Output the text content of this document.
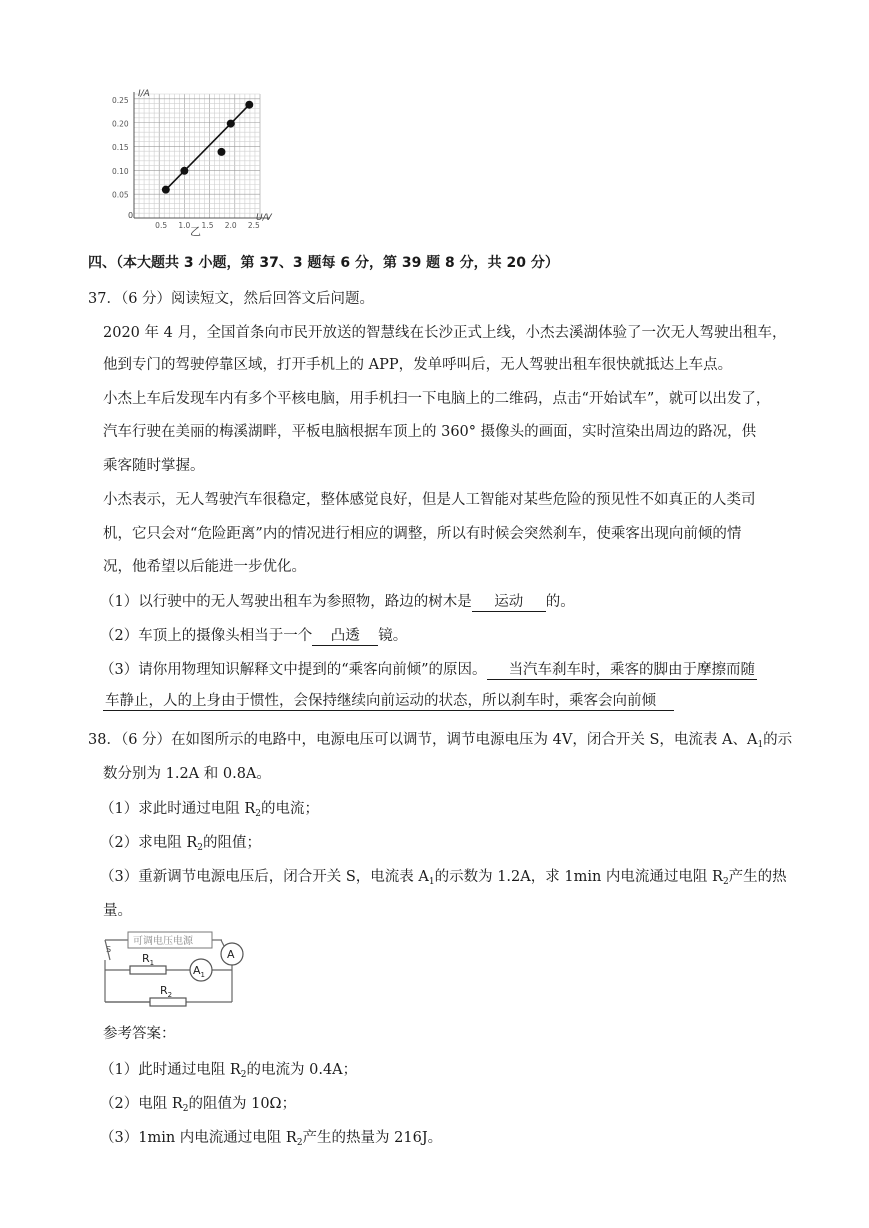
I/A
U/V
0
0.25
0.20
0.15
0.10
0.05
0.5 1.0 1.5 2.0 2.5
乙
四、（本大题共 3 小题，第 37、3 题每 6 分，第 39 题 8 分，共 20 分）
37．（6 分）阅读短文，然后回答文后问题。
2020 年 4 月，全国首条向市民开放送的智慧线在长沙正式上线，小杰去溪湖体验了一次无人驾驶出租车，
他到专门的驾驶停靠区域，打开手机上的 APP，发单呼叫后，无人驾驶出租车很快就抵达上车点。
小杰上车后发现车内有多个平核电脑，用手机扫一下电脑上的二维码，点击“开始试车”，就可以出发了，
汽车行驶在美丽的梅溪湖畔，平板电脑根据车顶上的 360° 摄像头的画面，实时渲染出周边的路况，供
乘客随时掌握。
小杰表示，无人驾驶汽车很稳定，整体感觉良好，但是人工智能对某些危险的预见性不如真正的人类司
机，它只会对“危险距离”内的情况进行相应的调整，所以有时候会突然刹车，使乘客出现向前倾的情
况，他希望以后能进一步优化。
（1）以行驶中的无人驾驶出租车为参照物，路边的树木是 运动 的。
（2）车顶上的摄像头相当于一个 凸透 镜。
（3）请你用物理知识解释文中提到的“乘客向前倾”的原因。 当汽车刹车时，乘客的脚由于摩擦而随
车静止，人的上身由于惯性，会保持继续向前运动的状态，所以刹车时，乘客会向前倾
38．（6 分）在如图所示的电路中，电源电压可以调节，调节电源电压为 4V，闭合开关 S，电流表 A、$A_1$的示
数分别为 1.2A 和 0.8A。
（1）求此时通过电阻 $R_2$的电流；
（2）求电阻 $R_2$的阻值；
（3）重新调节电源电压后，闭合开关 S，电流表 $A_1$的示数为 1.2A，求 1min 内电流通过电阻 $R_2$产生的热
量。
可调电压电源
S	A
$R_1$
$A_1$
$R_2$
参考答案：
（1）此时通过电阻 $R_2$的电流为 0.4A；
（2）电阻 $R_2$的阻值为 10Ω；
（3）1min 内电流通过电阻 $R_2$产生的热量为 216J。
